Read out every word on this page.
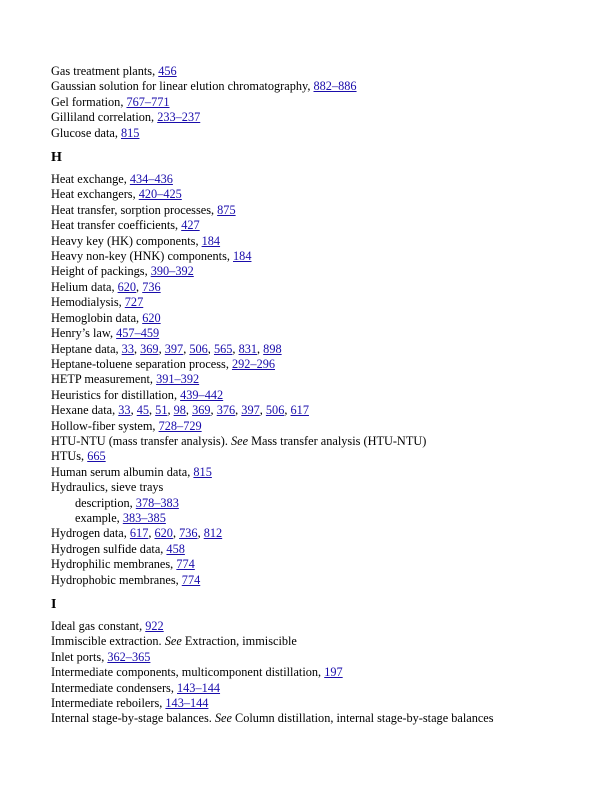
Gas treatment plants, 456
Gaussian solution for linear elution chromatography, 882–886
Gel formation, 767–771
Gilliland correlation, 233–237
Glucose data, 815
H
Heat exchange, 434–436
Heat exchangers, 420–425
Heat transfer, sorption processes, 875
Heat transfer coefficients, 427
Heavy key (HK) components, 184
Heavy non-key (HNK) components, 184
Height of packings, 390–392
Helium data, 620, 736
Hemodialysis, 727
Hemoglobin data, 620
Henry’s law, 457–459
Heptane data, 33, 369, 397, 506, 565, 831, 898
Heptane-toluene separation process, 292–296
HETP measurement, 391–392
Heuristics for distillation, 439–442
Hexane data, 33, 45, 51, 98, 369, 376, 397, 506, 617
Hollow-fiber system, 728–729
HTU-NTU (mass transfer analysis). See Mass transfer analysis (HTU-NTU)
HTUs, 665
Human serum albumin data, 815
Hydraulics, sieve trays
description, 378–383
example, 383–385
Hydrogen data, 617, 620, 736, 812
Hydrogen sulfide data, 458
Hydrophilic membranes, 774
Hydrophobic membranes, 774
I
Ideal gas constant, 922
Immiscible extraction. See Extraction, immiscible
Inlet ports, 362–365
Intermediate components, multicomponent distillation, 197
Intermediate condensers, 143–144
Intermediate reboilers, 143–144
Internal stage-by-stage balances. See Column distillation, internal stage-by-stage balances
